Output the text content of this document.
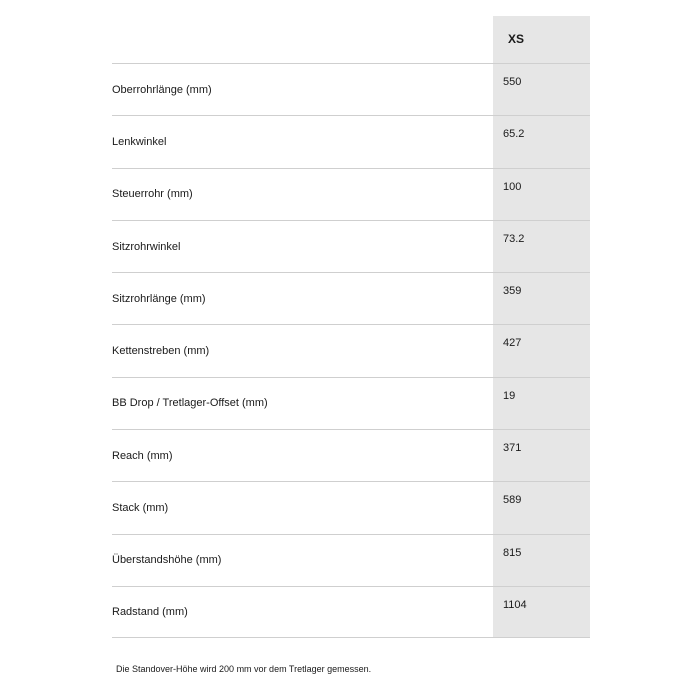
XS
Oberrohrlänge (mm)
550
Lenkwinkel
65.2
Steuerrohr (mm)
100
Sitzrohrwinkel
73.2
Sitzrohrlänge (mm)
359
Kettenstreben (mm)
427
BB Drop / Tretlager-Offset (mm)
19
Reach (mm)
371
Stack (mm)
589
Überstandshöhe (mm)
815
Radstand (mm)
1104
Die Standover-Höhe wird 200 mm vor dem Tretlager gemessen.
